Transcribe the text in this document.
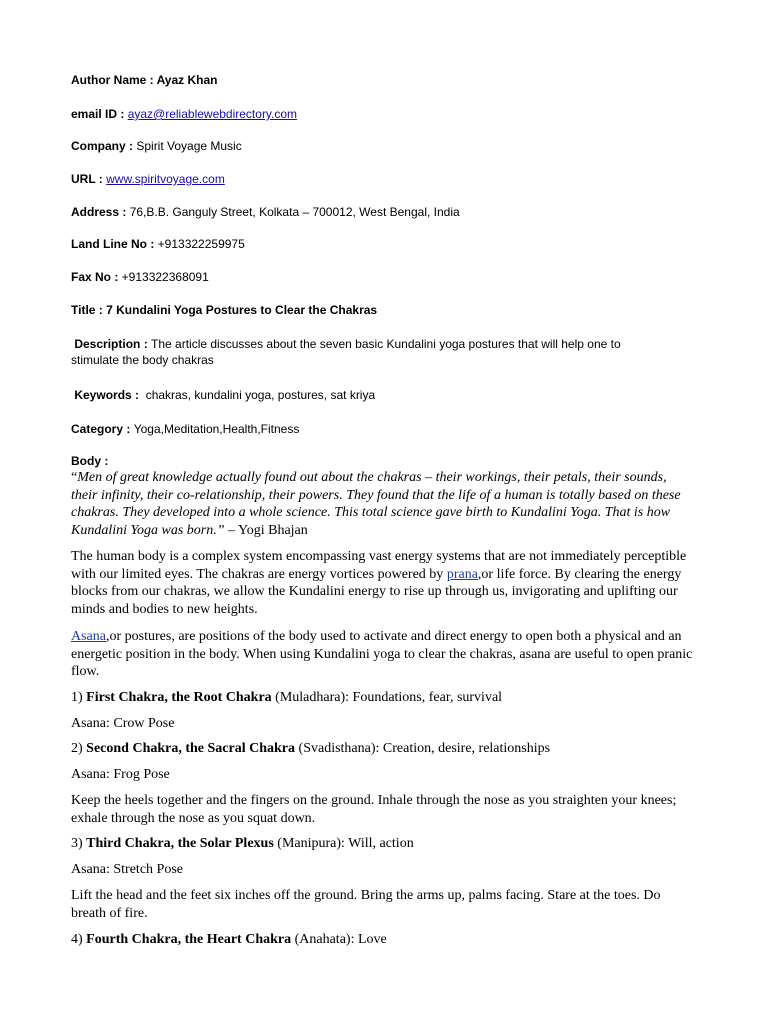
Author Name : Ayaz Khan
email ID : ayaz@reliablewebdirectory.com
Company : Spirit Voyage Music
URL : www.spiritvoyage.com
Address : 76,B.B. Ganguly Street, Kolkata – 700012, West Bengal, India
Land Line No : +913322259975
Fax No : +913322368091
Title : 7 Kundalini Yoga Postures to Clear the Chakras
Description : The article discusses about the seven basic Kundalini yoga postures that will help one to stimulate the body chakras
Keywords :  chakras, kundalini yoga, postures, sat kriya
Category : Yoga,Meditation,Health,Fitness
Body :
“Men of great knowledge actually found out about the chakras – their workings, their petals, their sounds, their infinity, their co-relationship, their powers. They found that the life of a human is totally based on these chakras. They developed into a whole science. This total science gave birth to Kundalini Yoga. That is how Kundalini Yoga was born.” – Yogi Bhajan
The human body is a complex system encompassing vast energy systems that are not immediately perceptible with our limited eyes. The chakras are energy vortices powered by prana,or life force. By clearing the energy blocks from our chakras, we allow the Kundalini energy to rise up through us, invigorating and uplifting our minds and bodies to new heights.
Asana,or postures, are positions of the body used to activate and direct energy to open both a physical and an energetic position in the body. When using Kundalini yoga to clear the chakras, asana are useful to open pranic flow.
1) First Chakra, the Root Chakra (Muladhara): Foundations, fear, survival
Asana: Crow Pose
2) Second Chakra, the Sacral Chakra (Svadisthana): Creation, desire, relationships
Asana: Frog Pose
Keep the heels together and the fingers on the ground. Inhale through the nose as you straighten your knees; exhale through the nose as you squat down.
3) Third Chakra, the Solar Plexus (Manipura): Will, action
Asana: Stretch Pose
Lift the head and the feet six inches off the ground. Bring the arms up, palms facing. Stare at the toes. Do breath of fire.
4) Fourth Chakra, the Heart Chakra (Anahata): Love
